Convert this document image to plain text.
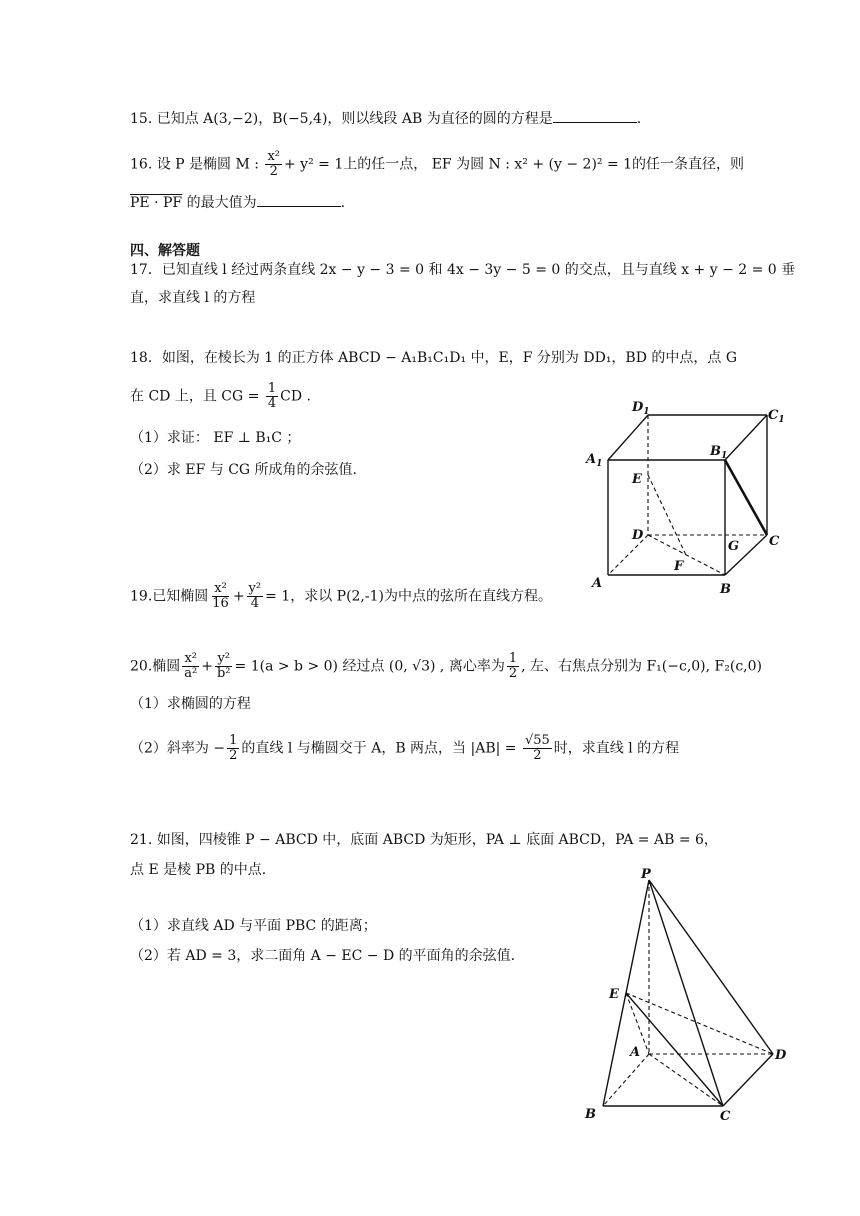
15. 已知点 A(3,−2)，B(−5,4)，则以线段 AB 为直径的圆的方程是	.
16. 设 P 是椭圆 M : $\frac{\text{x²}}{2} + y^2 = 1$上的任一点， EF 为圆 N : x² + (y − 2)² = 1的任一条直径，则
PE · PF 的最大值为	.
四、解答题
17．已知直线 l 经过两条直线 2x − y − 3 = 0 和 4x − 3y − 5 = 0 的交点，且与直线 x + y − 2 = 0 垂
直，求直线 l 的方程
18．如图，在棱长为 1 的正方体 ABCD − A₁B₁C₁D₁ 中，E，F 分别为 DD₁，BD 的中点，点 G
在 CD 上，且 CG = $\frac{1}{4}$ CD .
（1）求证： EF ⊥ B₁C ；
（2）求 EF 与 CG 所成角的余弦值.
$D_1$	$C_1$
$A_1$
$B_1$
E
D
G C
F
A	B
19.已知椭圆 $\frac{\text{x²}}{16} + \frac{\text{y²}}{4} = 1$，求以 P(2,-1)为中点的弦所在直线方程。
20.椭圆 $\frac{\text{x²}}{\text{a²}} + \frac{\text{y²}}{\text{b²}} = 1(a > b > 0)$ 经过点 (0, √3) , 离心率为 $\frac{1}{2}$ , 左、右焦点分别为 F₁(−c,0), F₂(c,0)
（1）求椭圆的方程
（2）斜率为 − $\frac{1}{2}$ 的直线 l 与椭圆交于 A，B 两点，当 $|AB| = \frac{√55}{2}$ 时，求直线 l 的方程
21. 如图，四棱锥 P − ABCD 中，底面 ABCD 为矩形，PA ⊥ 底面 ABCD，PA = AB = 6，
点 E 是棱 PB 的中点.
（1）求直线 AD 与平面 PBC 的距离；
（2）若 AD = 3，求二面角 A − EC − D 的平面角的余弦值.
P
E
A	D
B	C
